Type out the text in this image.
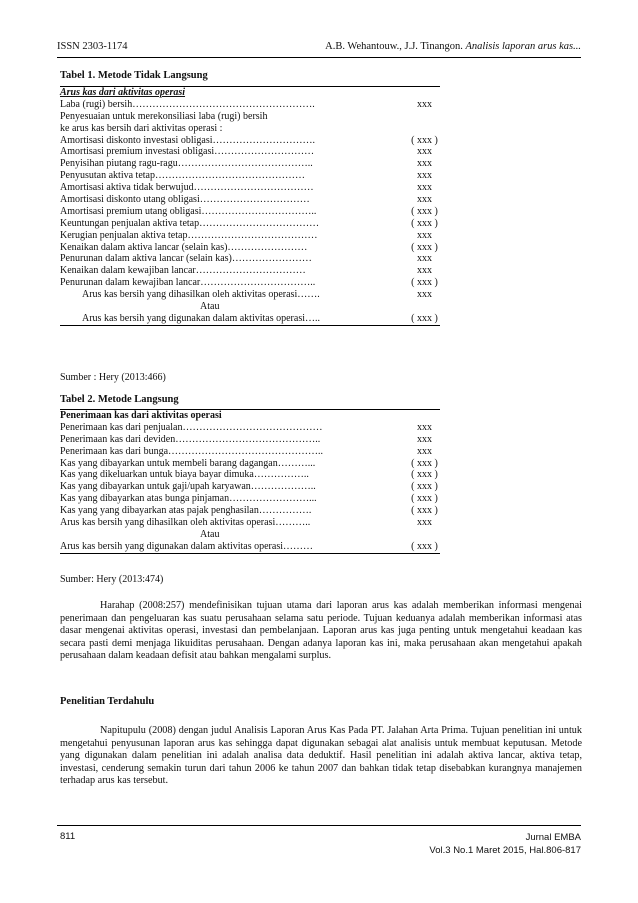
ISSN 2303-1174	A.B. Wehantouw., J.J. Tinangon. Analisis laporan arus kas...
Tabel 1. Metode Tidak Langsung
Arus kas dari aktivitas operasi
Laba (rugi) bersih……………………………………………….	xxx
Penyesuaian untuk merekonsiliasi laba (rugi) bersih
ke arus kas bersih dari aktivitas operasi :
Amortisasi diskonto investasi obligasi………………………….	( xxx )
Amortisasi premium investasi obligasi…………………………	xxx
Penyisihan piutang ragu-ragu…………………………………..	xxx
Penyusutan aktiva tetap………………………………………	xxx
Amortisasi aktiva tidak berwujud………………………………	xxx
Amortisasi diskonto utang obligasi……………………………	xxx
Amortisasi premium utang obligasi……………………………..	( xxx )
Keuntungan penjualan aktiva tetap………………………………	( xxx )
Kerugian penjualan aktiva tetap…………………………………	xxx
Kenaikan dalam aktiva lancar (selain kas)……………………	( xxx )
Penurunan dalam aktiva lancar (selain kas)……………………	xxx
Kenaikan dalam kewajiban lancar……………………………	xxx
Penurunan dalam kewajiban lancar……………………………..	( xxx )
Arus kas bersih yang dihasilkan oleh aktivitas operasi…….	xxx
Atau
Arus kas bersih yang digunakan dalam aktivitas operasi…..	( xxx )
Sumber : Hery (2013:466)
Tabel 2. Metode Langsung
Penerimaan kas dari aktivitas operasi
Penerimaan kas dari penjualan……………………………………	xxx
Penerimaan kas dari deviden……………………………………..	xxx
Penerimaan kas dari bunga………………………………………..	xxx
Kas yang dibayarkan untuk membeli barang dagangan………...	( xxx )
Kas yang dikeluarkan untuk biaya bayar dimuka……………..	( xxx )
Kas yang dibayarkan untuk gaji/upah karyawan………………..	( xxx )
Kas yang dibayarkan atas bunga pinjaman……………………...	( xxx )
Kas yang yang dibayarkan atas pajak penghasilan…………….	( xxx )
Arus kas bersih yang dihasilkan oleh aktivitas operasi………..	xxx
Atau
Arus kas bersih yang digunakan dalam aktivitas operasi………	( xxx )
Sumber: Hery (2013:474)

Harahap (2008:257) mendefinisikan tujuan utama dari laporan arus kas adalah memberikan informasi mengenai penerimaan dan pengeluaran kas suatu perusahaan selama satu periode. Tujuan keduanya adalah memberikan informasi atas dasar mengenai aktivitas operasi, investasi dan pembelanjaan. Laporan arus kas juga penting untuk mengetahui keadaan kas secara pasti demi menjaga likuiditas perusahaan. Dengan adanya laporan kas ini, maka perusahaan akan mengetahui apakah perusahaan dalam keadaan defisit atau bahkan mengalami surplus.

Penelitian Terdahulu

Napitupulu (2008) dengan judul Analisis Laporan Arus Kas Pada PT. Jalahan Arta Prima. Tujuan penelitian ini untuk mengetahui penyusunan laporan arus kas sehingga dapat digunakan sebagai alat analisis untuk membuat keputusan. Metode yang digunakan dalam penelitian ini adalah analisa data deduktif. Hasil penelitian ini adalah aktiva lancar, aktiva tetap, investasi, cenderung semakin turun dari tahun 2006 ke tahun 2007 dan bahkan tidak tetap disebabkan kurangnya manajemen terhadap arus kas tersebut.

811	Jurnal EMBA
Vol.3 No.1 Maret 2015, Hal.806-817
